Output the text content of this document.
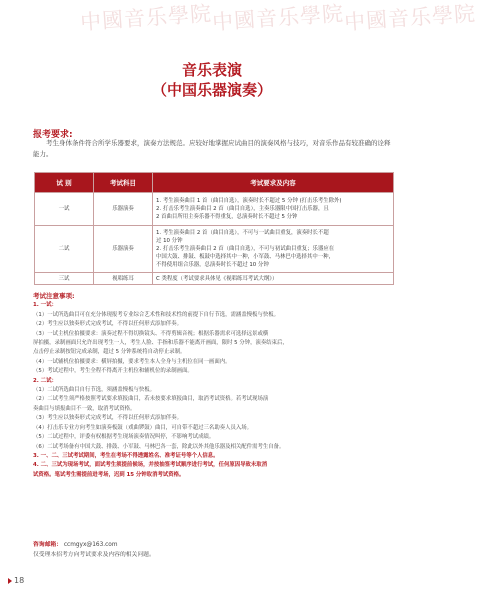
中國音乐學院
中國音乐學院
中國音乐學院
音乐表演
（中国乐器演奏）
报考要求:
考生身体条件符合所学乐器要求，演奏方法规范。应较好地掌握应试曲目的演奏风格与技巧，对音乐作品有较准确的诠释能力。
试 别	考试科目	考试要求及内容
一试	乐器演奏	1. 考生演奏曲目 1 首（曲目自选），演奏时长不超过 5 分钟 (打击乐考生除外)
2. 打击乐考生演奏曲目 2 首（曲目自选），主奏乐器限中国打击乐器，且
2 首曲目所用主奏乐器不得重复，总演奏时长不超过 5 分钟

二试	乐器演奏	1. 考生演奏曲目 2 首（曲目自选），不可与一试曲目重复，演奏时长不超
过 10 分钟
2. 打击乐考生演奏曲目 2 首（曲目自选），不可与初试曲目重复；乐器应在
中国大鼓、排鼓、板鼓中选择其中一种，小军鼓、马林巴中选择其中一种，
不得使用组合乐器，总演奏时长不超过 10 分钟

三试	视唱练耳	C 类程度（考试要求具体见《视唱练耳考试大纲》）

考试注意事项:

1. 一试：

（1）一试所选曲目可在充分体现报考专业综合艺术性和技术性的前提下自行节选，需涵盖慢板与快板。

（2）考生应以独奏形式完成考试，不得以任何形式添加伴奏。

（3）一试主机位拍摄要求：演奏过程不得切换镜头、不得剪辑音视；根据乐器需求可选择远景或横

屏拍摄，录制画面只允许出现考生一人，考生人脸、手指和乐器不能离开画面，限时 5 分钟，演奏结束后，

点击停止录制按钮完成录制，超过 5 分钟系统将自动停止录制。

（4）一试辅机位拍摄要求：横屏拍摄，要求考生本人全身与主机位在同一画面内。

（5）考试过程中，考生全程不得离开主机位和辅机位的录制画面。

2. 二试：

（1）二试所选曲目自行节选，须涵盖慢板与快板。

（2）二试考生须严格按照考试要求填报曲目，若未按要求填报曲目，取消考试资格。若考试现场演

奏曲目与填报曲目不一致，取消考试资格。

（3）考生应以独奏形式完成考试，不得以任何形式添加伴奏。

（4）打击乐专业方向考生如演奏板鼓（戏曲锣鼓）曲目，可自带不超过三名助奏人员入场。

（5）二试过程中，评委有权根据考生现场演奏情况叫停，不影响考试成绩。

（6）二试考场备有中国大鼓、排鼓、小军鼓、马林巴各一套，除此以外其他乐器及相关配件需考生自备。

3. 一、二、三试考试期间，考生在考场不得透露姓名、准考证号等个人信息。

4. 二、三试为现场考试，面试考生须提前候场，并按抽签考试顺序进行考试，任何原因导致未取消

试资格。笔试考生需提前进考场，迟到 15 分钟取消考试资格。

咨询邮箱： ccmgyx@163.com
仅受理本招考方向考试要求及内容的相关问题。
18
